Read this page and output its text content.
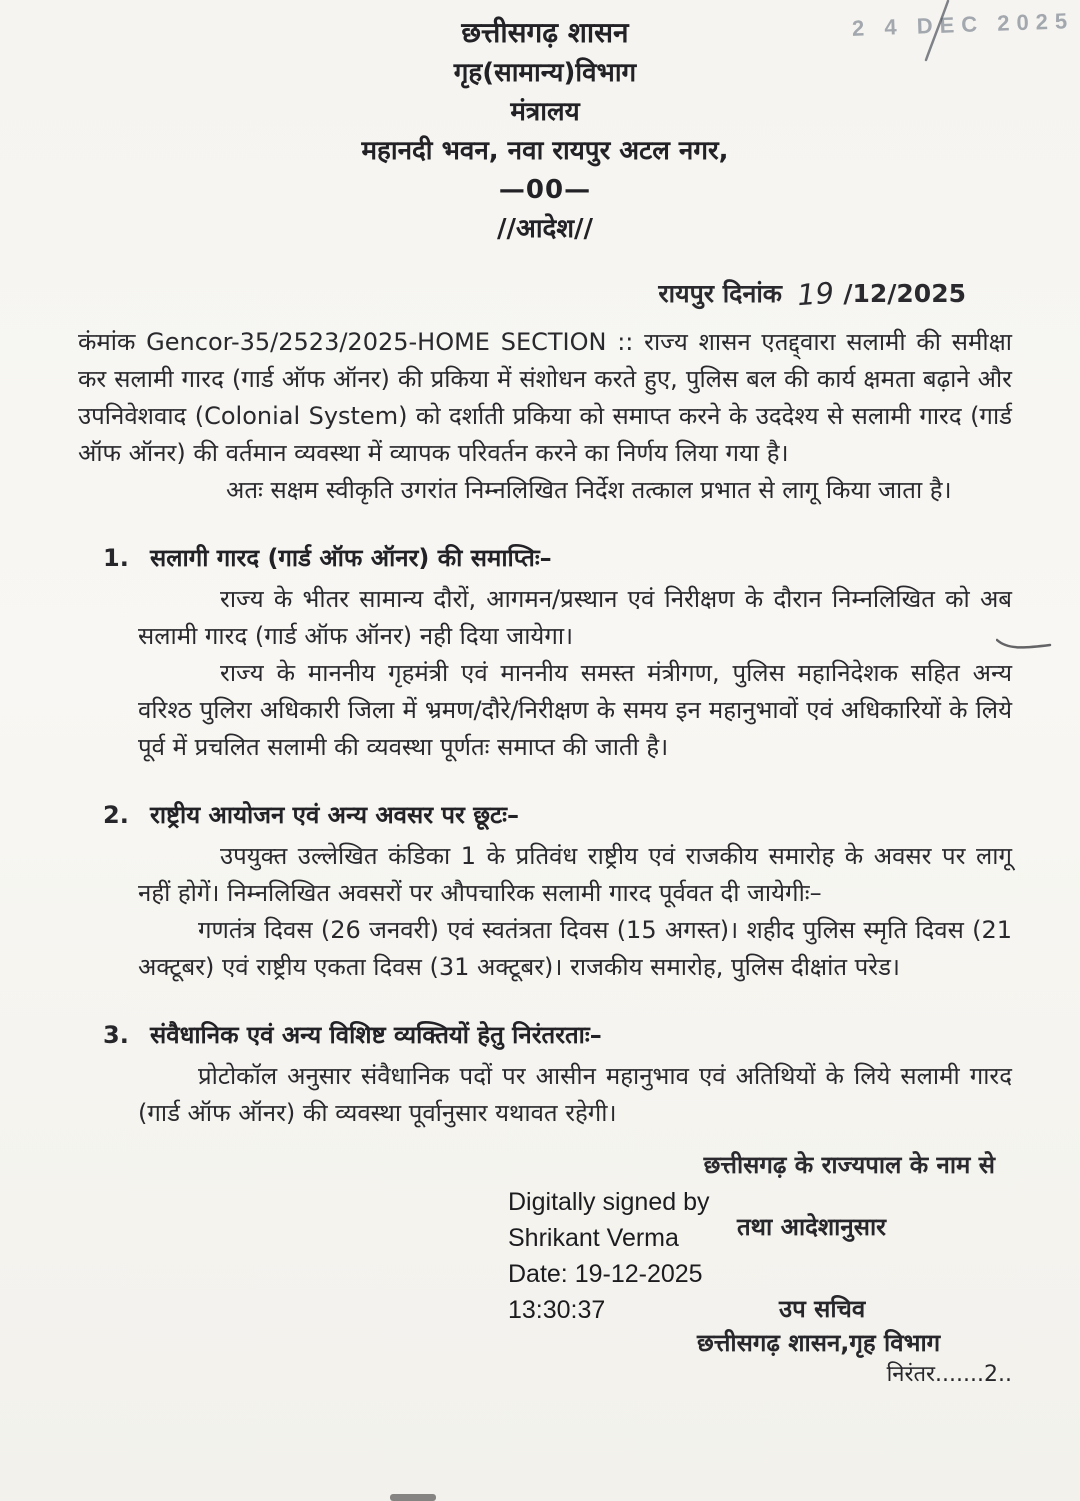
2 4 DEC 2025
छत्तीसगढ़ शासन
गृह(सामान्य)विभाग
मंत्रालय
महानदी भवन, नवा रायपुर अटल नगर,
—00—
//आदेश//
रायपुर दिनांक 19 /12/2025

कंमांक Gencor-35/2523/2025-HOME SECTION :: राज्य शासन एतद्द्वारा सलामी की समीक्षा कर सलामी गारद (गार्ड ऑफ ऑनर) की प्रकिया में संशोधन करते हुए, पुलिस बल की कार्य क्षमता बढ़ाने और उपनिवेशवाद (Colonial System) को दर्शाती प्रकिया को समाप्त करने के उददेश्य से सलामी गारद (गार्ड ऑफ ऑनर) की वर्तमान व्यवस्था में व्यापक परिवर्तन करने का निर्णय लिया गया है।

अतः सक्षम स्वीकृति उगरांत निम्नलिखित निर्देश तत्काल प्रभात से लागू किया जाता है।

1. सलागी गारद (गार्ड ऑफ ऑनर) की समाप्तिः–

राज्य के भीतर सामान्य दौरों, आगमन/प्रस्थान एवं निरीक्षण के दौरान निम्नलिखित को अब सलामी गारद (गार्ड ऑफ ऑनर) नही दिया जायेगा।

राज्य के माननीय गृहमंत्री एवं माननीय समस्त मंत्रीगण, पुलिस महानिदेशक सहित अन्य वरिश्ठ पुलिरा अधिकारी जिला में भ्रमण/दौरे/निरीक्षण के समय इन महानुभावों एवं अधिकारियों के लिये पूर्व में प्रचलित सलामी की व्यवस्था पूर्णतः समाप्त की जाती है।

2. राष्ट्रीय आयोजन एवं अन्य अवसर पर छूटः–

उपयुक्त उल्लेखित कंडिका 1 के प्रतिवंध राष्ट्रीय एवं राजकीय समारोह के अवसर पर लागू नहीं होगें। निम्नलिखित अवसरों पर औपचारिक सलामी गारद पूर्ववत दी जायेगीः–

गणतंत्र दिवस (26 जनवरी) एवं स्वतंत्रता दिवस (15 अगस्त)। शहीद पुलिस स्मृति दिवस (21 अक्टूबर) एवं राष्ट्रीय एकता दिवस (31 अक्टूबर)। राजकीय समारोह, पुलिस दीक्षांत परेड।

3. संवैधानिक एवं अन्य विशिष्ट व्यक्तियों हेतु निरंतरताः–

प्रोटोकॉल अनुसार संवैधानिक पदों पर आसीन महानुभाव एवं अतिथियों के लिये सलामी गारद (गार्ड ऑफ ऑनर) की व्यवस्था पूर्वानुसार यथावत रहेगी।

छत्तीसगढ़ के राज्यपाल के नाम से
Digitally signed by
Shrikant Verma
Date: 19-12-2025
13:30:37
तथा आदेशानुसार
उप सचिव
छत्तीसगढ़ शासन,गृह विभाग
निरंतर.......2..
